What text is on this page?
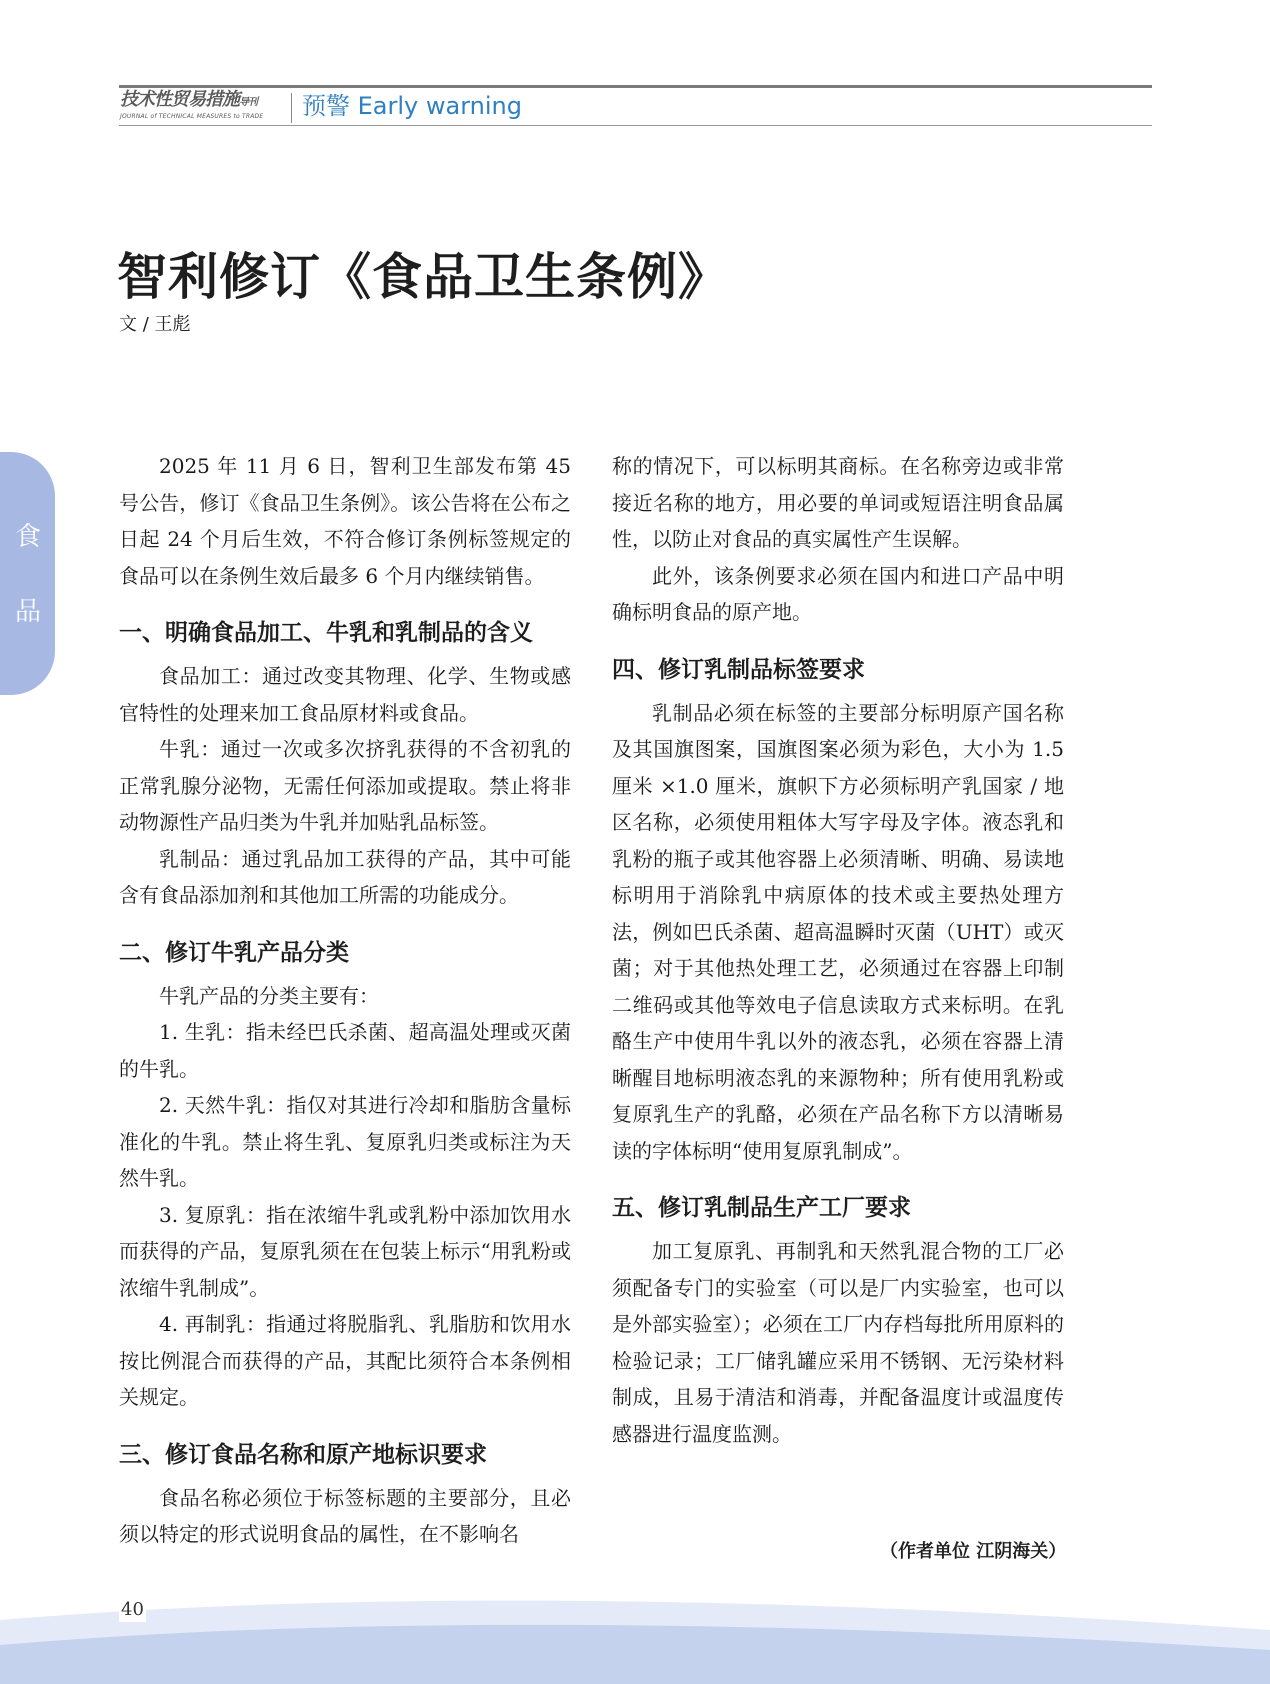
技术性贸易措施导刊
JOURNAL of TECHNICAL MEASURES to TRADE	预警 Early warning
食
品
智利修订《食品卫生条例》
文 / 王彪

2025 年 11 月 6 日，智利卫生部发布第 45 号公告，修订《食品卫生条例》。该公告将在公布之日起 24 个月后生效，不符合修订条例标签规定的食品可以在条例生效后最多 6 个月内继续销售。

一、明确食品加工、牛乳和乳制品的含义

食品加工：通过改变其物理、化学、生物或感官特性的处理来加工食品原材料或食品。

牛乳：通过一次或多次挤乳获得的不含初乳的正常乳腺分泌物，无需任何添加或提取。禁止将非动物源性产品归类为牛乳并加贴乳品标签。

乳制品：通过乳品加工获得的产品，其中可能含有食品添加剂和其他加工所需的功能成分。

二、修订牛乳产品分类

牛乳产品的分类主要有：

1. 生乳：指未经巴氏杀菌、超高温处理或灭菌的牛乳。

2. 天然牛乳：指仅对其进行冷却和脂肪含量标准化的牛乳。禁止将生乳、复原乳归类或标注为天然牛乳。

3. 复原乳：指在浓缩牛乳或乳粉中添加饮用水而获得的产品，复原乳须在在包装上标示“用乳粉或浓缩牛乳制成”。

4. 再制乳：指通过将脱脂乳、乳脂肪和饮用水按比例混合而获得的产品，其配比须符合本条例相关规定。

三、修订食品名称和原产地标识要求

食品名称必须位于标签标题的主要部分，且必须以特定的形式说明食品的属性，在不影响名

称的情况下，可以标明其商标。在名称旁边或非常接近名称的地方，用必要的单词或短语注明食品属性，以防止对食品的真实属性产生误解。

此外，该条例要求必须在国内和进口产品中明确标明食品的原产地。

四、修订乳制品标签要求

乳制品必须在标签的主要部分标明原产国名称及其国旗图案，国旗图案必须为彩色，大小为 1.5 厘米 ×1.0 厘米，旗帜下方必须标明产乳国家 / 地区名称，必须使用粗体大写字母及字体。液态乳和乳粉的瓶子或其他容器上必须清晰、明确、易读地标明用于消除乳中病原体的技术或主要热处理方法，例如巴氏杀菌、超高温瞬时灭菌（UHT）或灭菌；对于其他热处理工艺，必须通过在容器上印制二维码或其他等效电子信息读取方式来标明。在乳酪生产中使用牛乳以外的液态乳，必须在容器上清晰醒目地标明液态乳的来源物种；所有使用乳粉或复原乳生产的乳酪，必须在产品名称下方以清晰易读的字体标明“使用复原乳制成”。

五、修订乳制品生产工厂要求

加工复原乳、再制乳和天然乳混合物的工厂必须配备专门的实验室（可以是厂内实验室，也可以是外部实验室）；必须在工厂内存档每批所用原料的检验记录；工厂储乳罐应采用不锈钢、无污染材料制成，且易于清洁和消毒，并配备温度计或温度传感器进行温度监测。

（作者单位 江阴海关）
40
